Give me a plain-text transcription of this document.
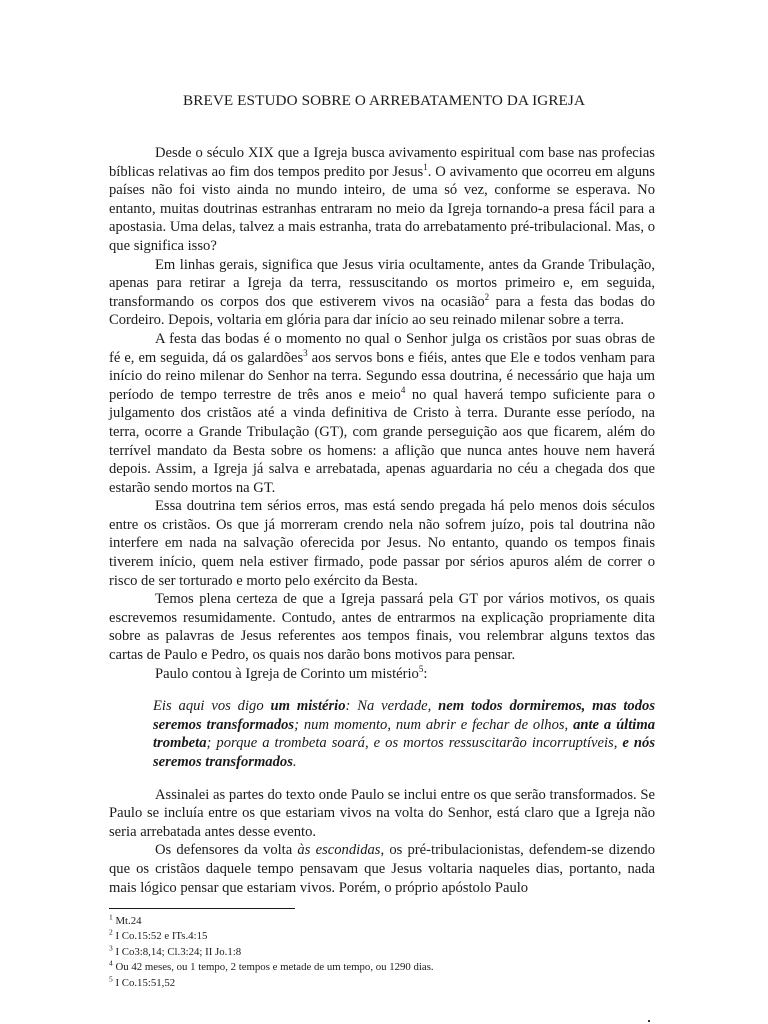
BREVE ESTUDO SOBRE O ARREBATAMENTO DA IGREJA

Desde o século XIX que a Igreja busca avivamento espiritual com base nas profecias bíblicas relativas ao fim dos tempos predito por Jesus$^1$. O avivamento que ocorreu em alguns países não foi visto ainda no mundo inteiro, de uma só vez, conforme se esperava. No entanto, muitas doutrinas estranhas entraram no meio da Igreja tornando-a presa fácil para a apostasia. Uma delas, talvez a mais estranha, trata do arrebatamento pré-tribulacional. Mas, o que significa isso?

Em linhas gerais, significa que Jesus viria ocultamente, antes da Grande Tribulação, apenas para retirar a Igreja da terra, ressuscitando os mortos primeiro e, em seguida, transformando os corpos dos que estiverem vivos na ocasião$^2$ para a festa das bodas do Cordeiro. Depois, voltaria em glória para dar início ao seu reinado milenar sobre a terra.

A festa das bodas é o momento no qual o Senhor julga os cristãos por suas obras de fé e, em seguida, dá os galardões$^3$ aos servos bons e fiéis, antes que Ele e todos venham para início do reino milenar do Senhor na terra. Segundo essa doutrina, é necessário que haja um período de tempo terrestre de três anos e meio$^4$ no qual haverá tempo suficiente para o julgamento dos cristãos até a vinda definitiva de Cristo à terra. Durante esse período, na terra, ocorre a Grande Tribulação (GT), com grande perseguição aos que ficarem, além do terrível mandato da Besta sobre os homens: a aflição que nunca antes houve nem haverá depois. Assim, a Igreja já salva e arrebatada, apenas aguardaria no céu a chegada dos que estarão sendo mortos na GT.

Essa doutrina tem sérios erros, mas está sendo pregada há pelo menos dois séculos entre os cristãos. Os que já morreram crendo nela não sofrem juízo, pois tal doutrina não interfere em nada na salvação oferecida por Jesus. No entanto, quando os tempos finais tiverem início, quem nela estiver firmado, pode passar por sérios apuros além de correr o risco de ser torturado e morto pelo exército da Besta.

Temos plena certeza de que a Igreja passará pela GT por vários motivos, os quais escrevemos resumidamente. Contudo, antes de entrarmos na explicação propriamente dita sobre as palavras de Jesus referentes aos tempos finais, vou relembrar alguns textos das cartas de Paulo e Pedro, os quais nos darão bons motivos para pensar.

Paulo contou à Igreja de Corinto um mistério$^5$:

Eis aqui vos digo um mistério: Na verdade, nem todos dormiremos, mas todos seremos transformados; num momento, num abrir e fechar de olhos, ante a última trombeta; porque a trombeta soará, e os mortos ressuscitarão incorruptíveis, e nós seremos transformados.

Assinalei as partes do texto onde Paulo se inclui entre os que serão transformados. Se Paulo se incluía entre os que estariam vivos na volta do Senhor, está claro que a Igreja não seria arrebatada antes desse evento.

Os defensores da volta às escondidas, os pré-tribulacionistas, defendem-se dizendo que os cristãos daquele tempo pensavam que Jesus voltaria naqueles dias, portanto, nada mais lógico pensar que estariam vivos. Porém, o próprio apóstolo Paulo

$^1$ Mt.24
$^2$ I Co.15:52 e ITs.4:15
$^3$ I Co3:8,14; Cl.3:24; II Jo.1:8
$^4$ Ou 42 meses, ou 1 tempo, 2 tempos e metade de um tempo, ou 1290 dias.
$^5$ I Co.15:51,52
